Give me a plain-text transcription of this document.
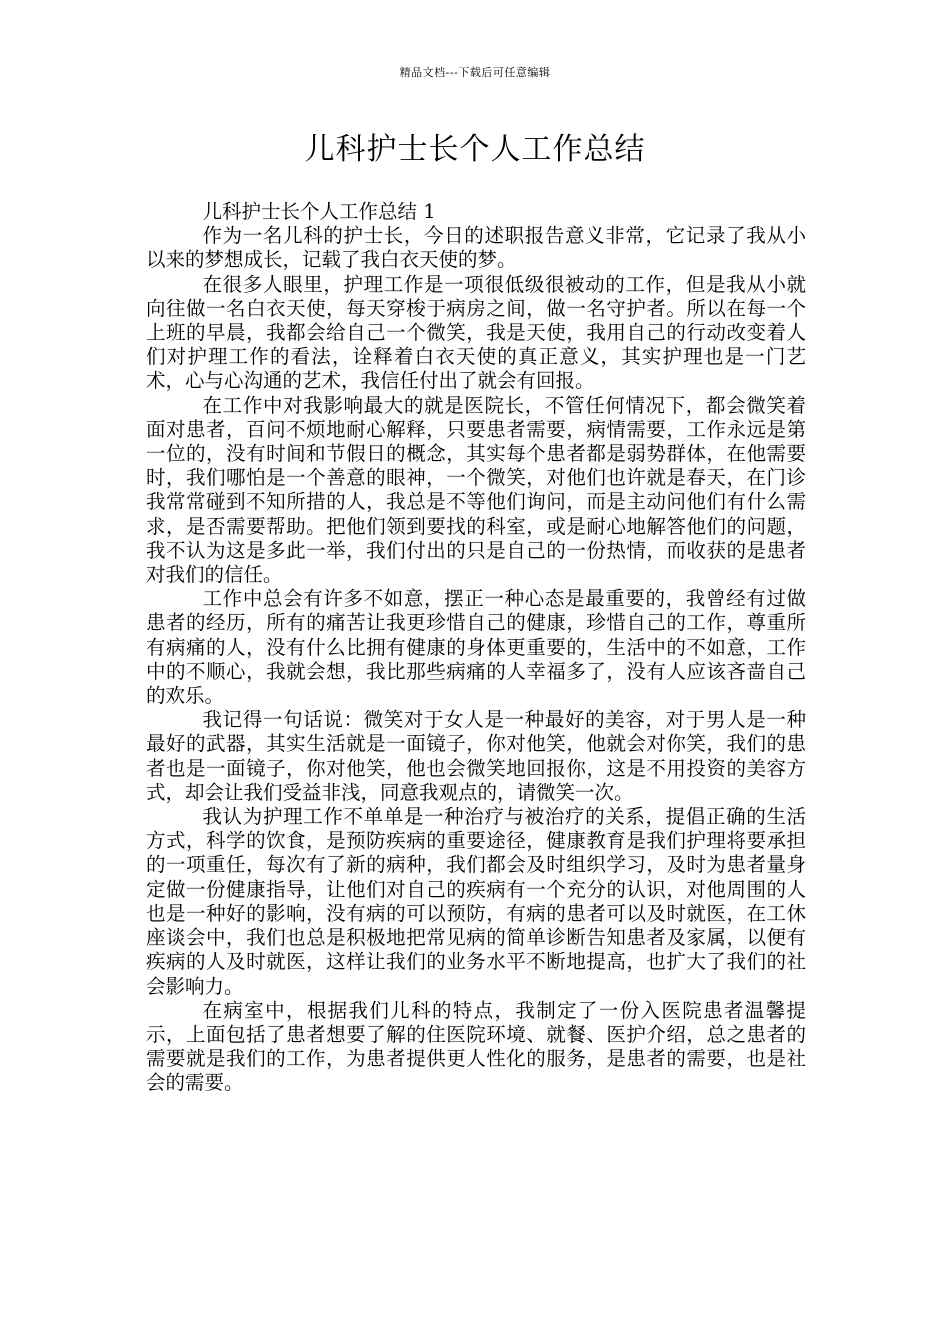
精品文档---下载后可任意编辑
儿科护士长个人工作总结

儿科护士长个人工作总结 1

作为一名儿科的护士长，今日的述职报告意义非常，它记录了我从小以来的梦想成长，记载了我白衣天使的梦。

在很多人眼里，护理工作是一项很低级很被动的工作，但是我从小就向往做一名白衣天使，每天穿梭于病房之间，做一名守护者。所以在每一个上班的早晨，我都会给自己一个微笑，我是天使，我用自己的行动改变着人们对护理工作的看法，诠释着白衣天使的真正意义，其实护理也是一门艺术，心与心沟通的艺术，我信任付出了就会有回报。

在工作中对我影响最大的就是医院长，不管任何情况下，都会微笑着面对患者，百问不烦地耐心解释，只要患者需要，病情需要，工作永远是第一位的，没有时间和节假日的概念，其实每个患者都是弱势群体，在他需要时，我们哪怕是一个善意的眼神，一个微笑，对他们也许就是春天，在门诊我常常碰到不知所措的人，我总是不等他们询问，而是主动问他们有什么需求，是否需要帮助。把他们领到要找的科室，或是耐心地解答他们的问题，我不认为这是多此一举，我们付出的只是自己的一份热情，而收获的是患者对我们的信任。

工作中总会有许多不如意，摆正一种心态是最重要的，我曾经有过做患者的经历，所有的痛苦让我更珍惜自己的健康，珍惜自己的工作，尊重所有病痛的人，没有什么比拥有健康的身体更重要的，生活中的不如意，工作中的不顺心，我就会想，我比那些病痛的人幸福多了，没有人应该吝啬自己的欢乐。

我记得一句话说：微笑对于女人是一种最好的美容，对于男人是一种最好的武器，其实生活就是一面镜子，你对他笑，他就会对你笑，我们的患者也是一面镜子，你对他笑，他也会微笑地回报你，这是不用投资的美容方式，却会让我们受益非浅，同意我观点的，请微笑一次。

我认为护理工作不单单是一种治疗与被治疗的关系，提倡正确的生活方式，科学的饮食，是预防疾病的重要途径，健康教育是我们护理将要承担的一项重任，每次有了新的病种，我们都会及时组织学习，及时为患者量身定做一份健康指导，让他们对自己的疾病有一个充分的认识，对他周围的人也是一种好的影响，没有病的可以预防，有病的患者可以及时就医，在工休座谈会中，我们也总是积极地把常见病的简单诊断告知患者及家属，以便有疾病的人及时就医，这样让我们的业务水平不断地提高，也扩大了我们的社会影响力。

在病室中，根据我们儿科的特点，我制定了一份入医院患者温馨提示，上面包括了患者想要了解的住医院环境、就餐、医护介绍，总之患者的需要就是我们的工作，为患者提供更人性化的服务，是患者的需要，也是社会的需要。
